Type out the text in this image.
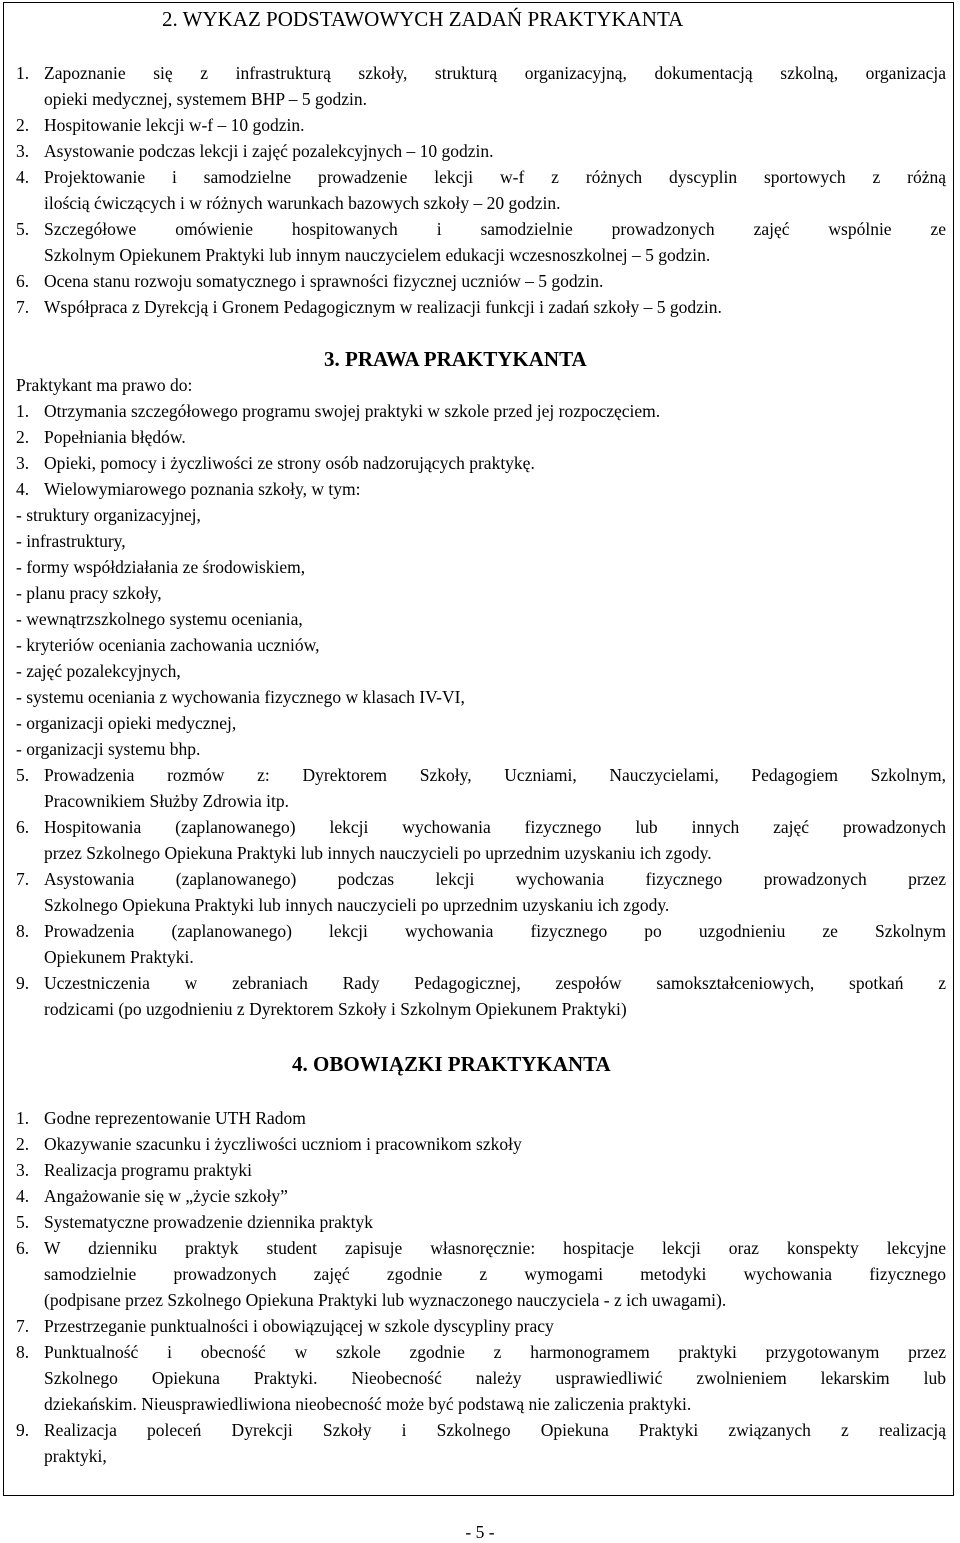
2. WYKAZ PODSTAWOWYCH ZADAŃ PRAKTYKANTA
1. Zapoznanie się z infrastrukturą szkoły, strukturą organizacyjną, dokumentacją szkolną, organizacja
opieki medycznej, systemem BHP – 5 godzin.
2. Hospitowanie lekcji w-f – 10 godzin.
3. Asystowanie podczas lekcji i zajęć pozalekcyjnych – 10 godzin.
4. Projektowanie i samodzielne prowadzenie lekcji w-f z różnych dyscyplin sportowych z różną
ilością ćwiczących i w różnych warunkach bazowych szkoły – 20 godzin.
5. Szczegółowe omówienie hospitowanych i samodzielnie prowadzonych zajęć wspólnie ze
Szkolnym Opiekunem Praktyki lub innym nauczycielem edukacji wczesnoszkolnej – 5 godzin.
6. Ocena stanu rozwoju somatycznego i sprawności fizycznej uczniów – 5 godzin.
7. Współpraca z Dyrekcją i Gronem Pedagogicznym w realizacji funkcji i zadań szkoły – 5 godzin.
3. PRAWA PRAKTYKANTA
Praktykant ma prawo do:
1. Otrzymania szczegółowego programu swojej praktyki w szkole przed jej rozpoczęciem.
2. Popełniania błędów.
3. Opieki, pomocy i życzliwości ze strony osób nadzorujących praktykę.
4. Wielowymiarowego poznania szkoły, w tym:
- struktury organizacyjnej,
- infrastruktury,
- formy współdziałania ze środowiskiem,
- planu pracy szkoły,
- wewnątrzszkolnego systemu oceniania,
- kryteriów oceniania zachowania uczniów,
- zajęć pozalekcyjnych,
- systemu oceniania z wychowania fizycznego w klasach IV-VI,
- organizacji opieki medycznej,
- organizacji systemu bhp.
5. Prowadzenia rozmów z: Dyrektorem Szkoły, Uczniami, Nauczycielami, Pedagogiem Szkolnym,
Pracownikiem Służby Zdrowia itp.
6. Hospitowania (zaplanowanego) lekcji wychowania fizycznego lub innych zajęć prowadzonych
przez Szkolnego Opiekuna Praktyki lub innych nauczycieli po uprzednim uzyskaniu ich zgody.
7. Asystowania (zaplanowanego) podczas lekcji wychowania fizycznego prowadzonych przez
Szkolnego Opiekuna Praktyki lub innych nauczycieli po uprzednim uzyskaniu ich zgody.
8. Prowadzenia (zaplanowanego) lekcji wychowania fizycznego po uzgodnieniu ze Szkolnym
Opiekunem Praktyki.
9. Uczestniczenia w zebraniach Rady Pedagogicznej, zespołów samokształceniowych, spotkań z
rodzicami (po uzgodnieniu z Dyrektorem Szkoły i Szkolnym Opiekunem Praktyki)
4. OBOWIĄZKI PRAKTYKANTA
1. Godne reprezentowanie UTH Radom
2. Okazywanie szacunku i życzliwości uczniom i pracownikom szkoły
3. Realizacja programu praktyki
4. Angażowanie się w „życie szkoły”
5. Systematyczne prowadzenie dziennika praktyk
6. W dzienniku praktyk student zapisuje własnoręcznie: hospitacje lekcji oraz konspekty lekcyjne
samodzielnie prowadzonych zajęć zgodnie z wymogami metodyki wychowania fizycznego
(podpisane przez Szkolnego Opiekuna Praktyki lub wyznaczonego nauczyciela - z ich uwagami).
7. Przestrzeganie punktualności i obowiązującej w szkole dyscypliny pracy
8. Punktualność i obecność w szkole zgodnie z harmonogramem praktyki przygotowanym przez
Szkolnego Opiekuna Praktyki. Nieobecność należy usprawiedliwić zwolnieniem lekarskim lub
dziekańskim. Nieusprawiedliwiona nieobecność może być podstawą nie zaliczenia praktyki.
9. Realizacja poleceń Dyrekcji Szkoły i Szkolnego Opiekuna Praktyki związanych z realizacją
praktyki,
- 5 -
